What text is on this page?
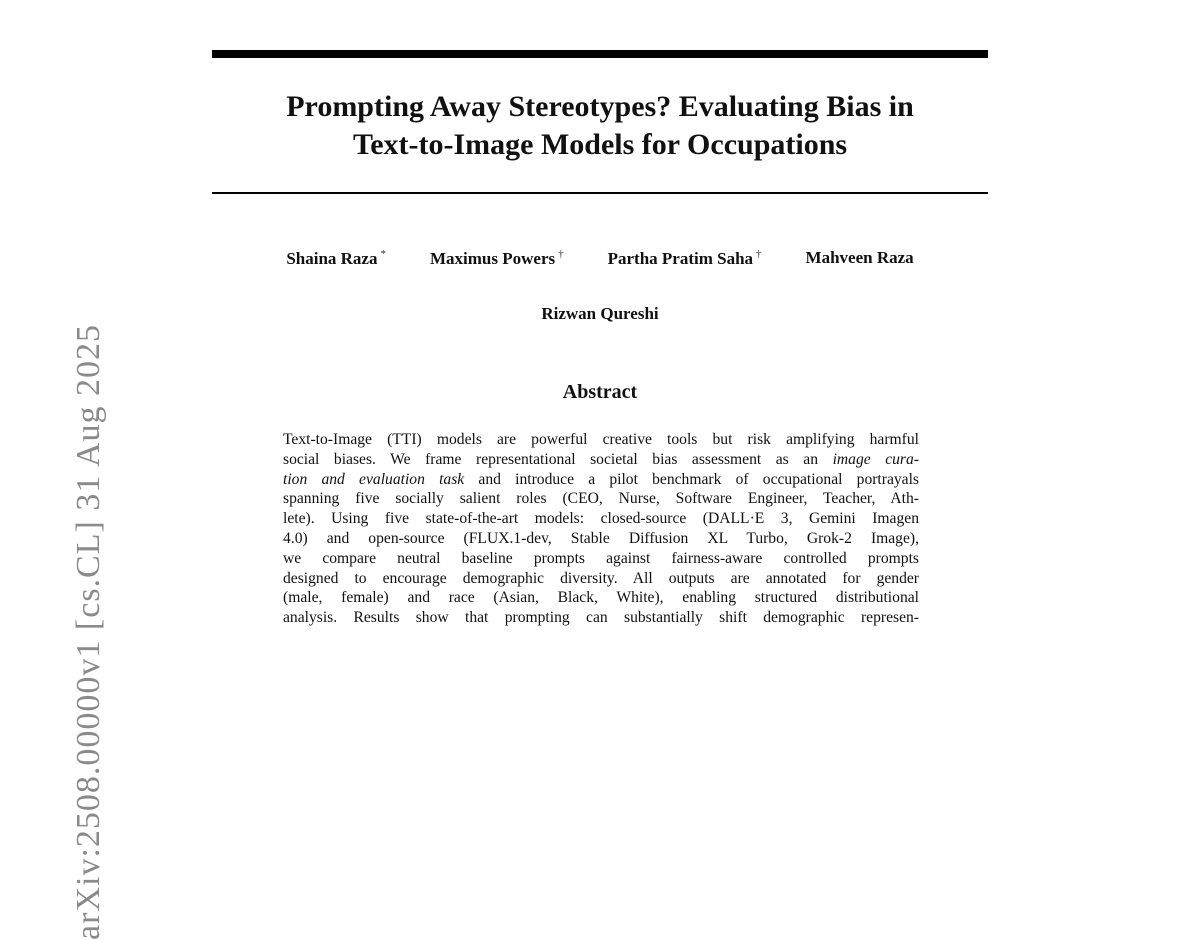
arXiv:2508.00000v1 [cs.CL] 31 Aug 2025
Prompting Away Stereotypes? Evaluating Bias in
Text-to-Image Models for Occupations
Shaina Raza *	Maximus Powers †	Partha Pratim Saha †	Mahveen Raza
Rizwan Qureshi
Abstract
Text-to-Image (TTI) models are powerful creative tools but risk amplifying harmful
social biases. We frame representational societal bias assessment as an image cura-
tion and evaluation task and introduce a pilot benchmark of occupational portrayals
spanning five socially salient roles (CEO, Nurse, Software Engineer, Teacher, Ath-
lete). Using five state-of-the-art models: closed-source (DALL·E 3, Gemini Imagen
4.0) and open-source (FLUX.1-dev, Stable Diffusion XL Turbo, Grok-2 Image),
we compare neutral baseline prompts against fairness-aware controlled prompts
designed to encourage demographic diversity. All outputs are annotated for gender
(male, female) and race (Asian, Black, White), enabling structured distributional
analysis. Results show that prompting can substantially shift demographic represen-
